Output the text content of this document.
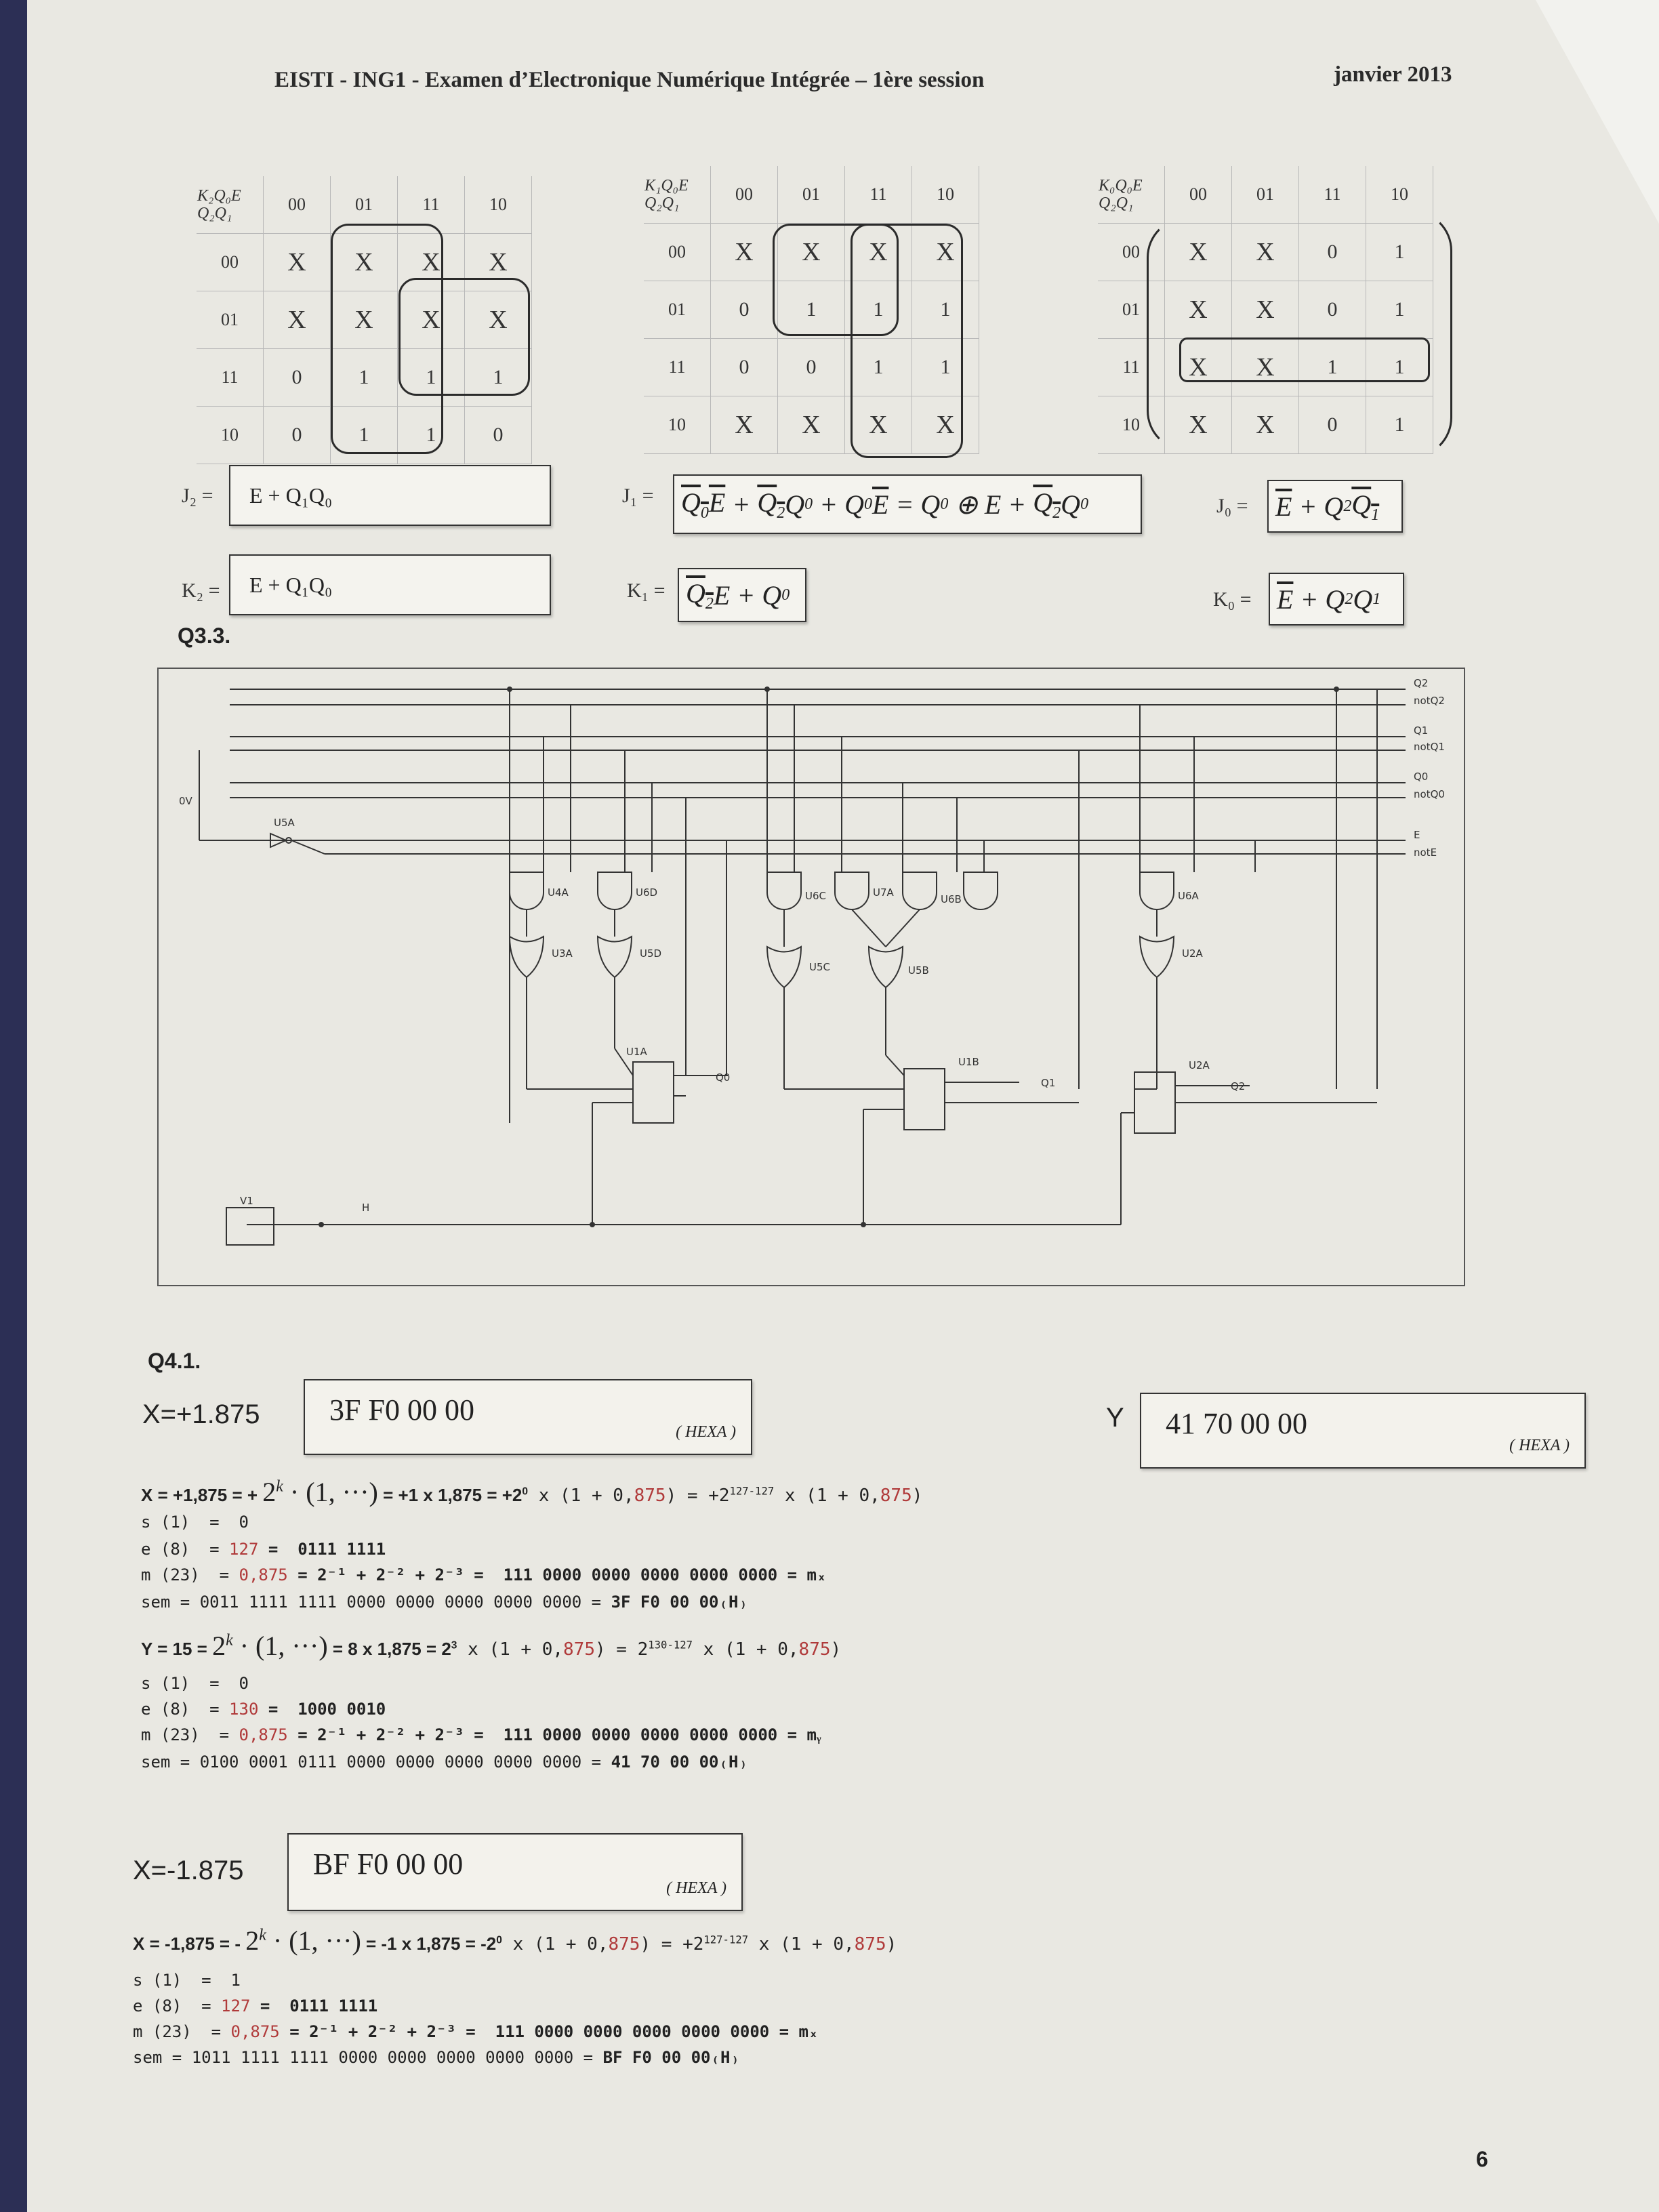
EISTI - ING1 - Examen d’Electronique Numérique Intégrée – 1ère session	janvier 2013
K₂Q₀E
Q₂Q₁	00	01	11	10
00	X	X	X	X
01	X	X	X	X
11	0	1	1	1
10	0	1	1	0
K₁Q₀E
Q₂Q₁	00	01	11	10
00	X	X	X	X
01	0	1	1	1
11	0	0	1	1
10	X	X	X	X
K₀Q₀E
Q₂Q₁	00	01	11	10
00	X	X	0	1
01	X	X	0	1
11	X	X	1	1
10	X	X	0	1
J₂ =	E + Q₁Q₀
K₂ =	E + Q₁Q₀
$J_1 = Q_0E + Q_2$ Q 0 + Q 0 $\overline{E} = Q$ 0 ⊕ $E + Q_2$ Q 0
$K_1 = Q_2$ E + Q 0
$J_0 = \overline{E} + Q$ 2 $Q_1$
$K_0 = \overline{E} + Q$ 2 Q 1
Q3.3.
Q2
notQ2
Q1
notQ1
Q0
notQ0
E
notE
0V
U5A
U4A	U6D
U3A	U5D
U6C	U7A
U6B
U5C	U5B
U6A
U2A
U1A
U1B	U2A
Q0	Q1	Q2
H
V1
Q4.1.
X=+1.875 3F F0 00 00
( HEXA )	Y 41 70 00 00
( HEXA )
X = +1,875 = + $2^k \cdot (1$, ···) = +1 x $1,875 = +2^0$ x $(1 + 0,875) = +2^{127-127}$ x (1 + 0,875)
s (1)  =  0
e (8)  = 127 =  0111 1111
m (23)  = 0,875 = 2⁻¹ + 2⁻² + 2⁻³ =  111 0000 0000 0000 0000 0000 = mₓ
sem = 0011 1111 1111 0000 0000 0000 0000 0000 = 3F F0 00 00₍H₎
$Y = 15 = 2^k \cdot (1$, ···) = 8 x $1,875 = 2^3$ x $(1 + 0,875) = 2^{130-127}$ x (1 + 0,875)
s (1)  =  0
e (8)  = 130 =  1000 0010
m (23)  = 0,875 = 2⁻¹ + 2⁻² + 2⁻³ =  111 0000 0000 0000 0000 0000 = mᵧ
sem = 0100 0001 0111 0000 0000 0000 0000 0000 = 41 70 00 00₍H₎
X=-1.875 BF F0 00 00
( HEXA )
X = -1,875 = - $2^k \cdot (1$, ···) = -1 x $1,875 = -2^0$ x $(1 + 0,875) = +2^{127-127}$ x (1 + 0,875)
s (1)  =  1
e (8)  = 127 =  0111 1111
m (23)  = 0,875 = 2⁻¹ + 2⁻² + 2⁻³ =  111 0000 0000 0000 0000 0000 = mₓ
sem = 1011 1111 1111 0000 0000 0000 0000 0000 = BF F0 00 00₍H₎
6
